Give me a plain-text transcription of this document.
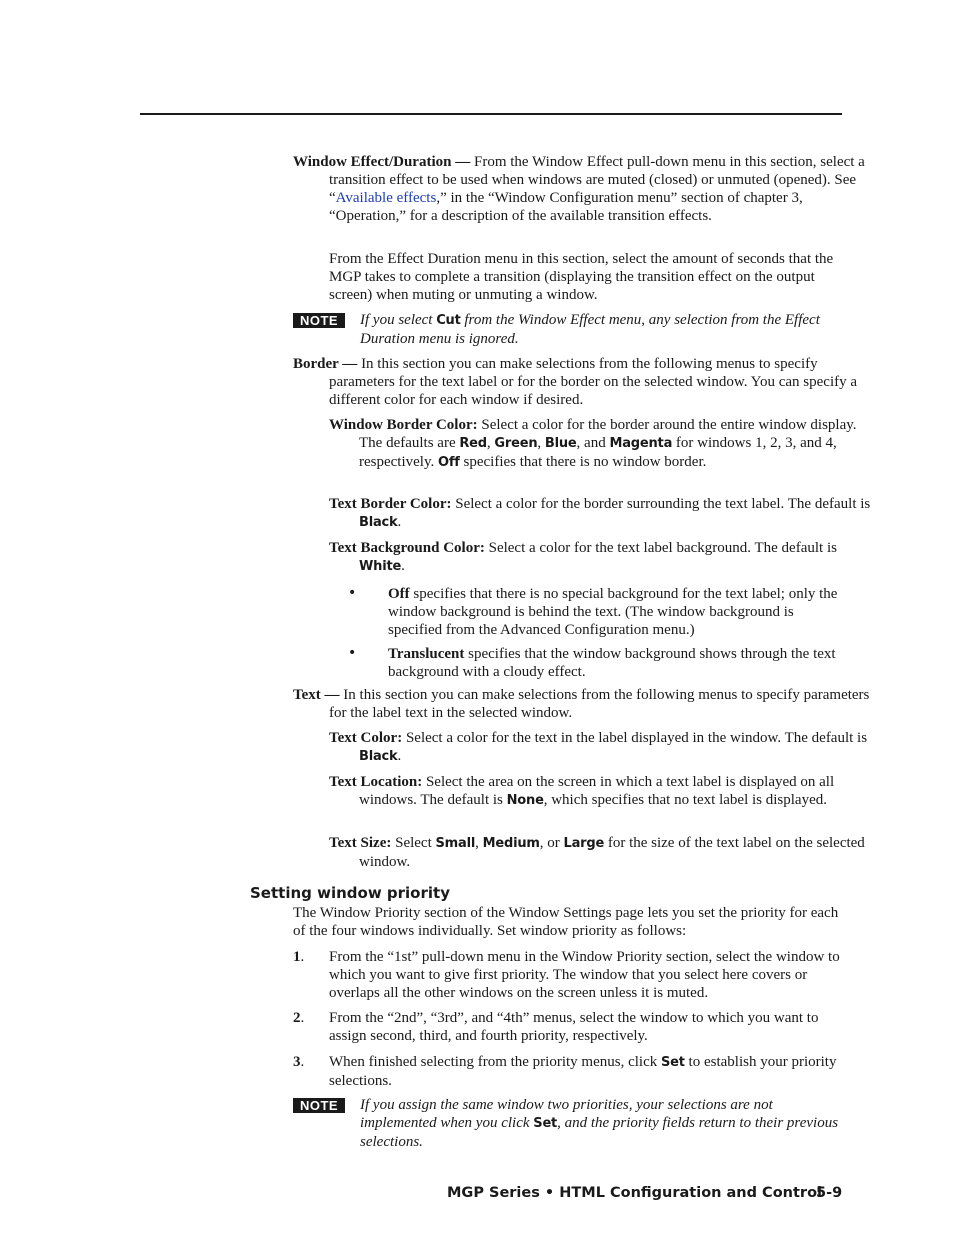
Window Effect/Duration — From the Window Effect pull-down menu in this section, select a transition effect to be used when windows are muted (closed) or unmuted (opened). See “Available effects,” in the “Window Configuration menu” section of chapter 3, “Operation,” for a description of the available transition effects.

From the Effect Duration menu in this section, select the amount of seconds that the MGP takes to complete a transition (displaying the transition effect on the output screen) when muting or unmuting a window.

NOTE	If you select Cut from the Window Effect menu, any selection from the Effect Duration menu is ignored.

Border — In this section you can make selections from the following menus to specify parameters for the text label or for the border on the selected window. You can specify a different color for each window if desired.

Window Border Color: Select a color for the border around the entire window display. The defaults are Red, Green, Blue, and Magenta for windows 1, 2, 3, and 4, respectively. Off specifies that there is no window border.

Text Border Color: Select a color for the border surrounding the text label. The default is Black.

Text Background Color: Select a color for the text label background. The default is White.

• Off specifies that there is no special background for the text label; only the window background is behind the text. (The window background is specified from the Advanced Configuration menu.)

• Translucent specifies that the window background shows through the text background with a cloudy effect.

Text — In this section you can make selections from the following menus to specify parameters for the label text in the selected window.

Text Color: Select a color for the text in the label displayed in the window. The default is Black.

Text Location: Select the area on the screen in which a text label is displayed on all windows. The default is None, which specifies that no text label is displayed.

Text Size: Select Small, Medium, or Large for the size of the text label on the selected window.

Setting window priority

The Window Priority section of the Window Settings page lets you set the priority for each of the four windows individually. Set window priority as follows:

1. From the “1st” pull-down menu in the Window Priority section, select the window to which you want to give first priority. The window that you select here covers or overlaps all the other windows on the screen unless it is muted.

2. From the “2nd”, “3rd”, and “4th” menus, select the window to which you want to assign second, third, and fourth priority, respectively.

3. When finished selecting from the priority menus, click Set to establish your priority selections.

NOTE	If you assign the same window two priorities, your selections are not implemented when you click Set, and the priority fields return to their previous selections.

MGP Series • HTML Configuration and Control
5-9
